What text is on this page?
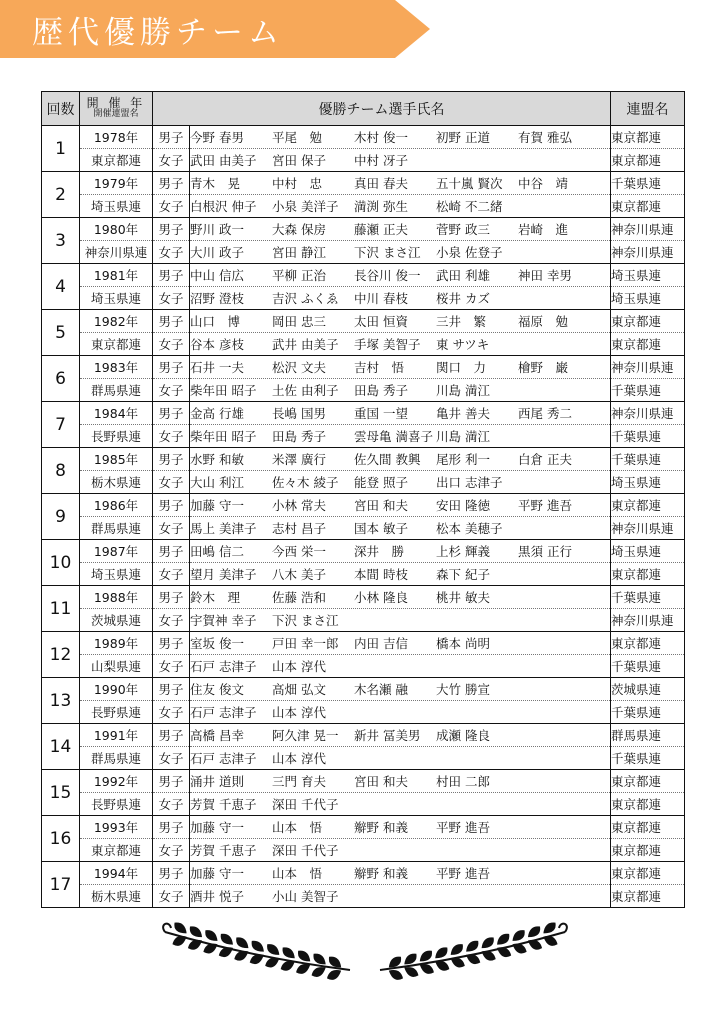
歴代優勝チーム
回数	開 催 年
開催連盟名	優勝チーム選手氏名		連盟名
1	1978年	男子	今野 春男 平尾　勉 木村 俊一 初野 正道 有賀 雅弘	東京都連
	東京都連	女子	武田 由美子 宮田 保子 中村 冴子	東京都連
2	1979年	男子	青木　晃 中村　忠 真田 春夫 五十嵐 賢次 中谷　靖	千葉県連
	埼玉県連	女子	白根沢 伸子 小泉 美洋子 満渕 弥生 松崎 不二緒	東京都連
3	1980年	男子	野川 政一 大森 保房 藤瀬 正夫 菅野 政三 岩崎　進	神奈川県連
	神奈川県連	女子	大川 政子 宮田 静江 下沢 まさ江 小泉 佐登子	神奈川県連
4	1981年	男子	中山 信広 平柳 正治 長谷川 俊一 武田 利雄 神田 幸男	埼玉県連
	埼玉県連	女子	沼野 澄枝 吉沢 ふくゑ 中川 春枝 桜井 カズ	埼玉県連
5	1982年	男子	山口　博 岡田 忠三 太田 恒資 三井　繁 福原　勉	東京都連
	東京都連	女子	谷本 彦枝 武井 由美子 手塚 美智子 東 サツキ	東京都連
6	1983年	男子	石井 一夫 松沢 文夫 吉村　悟 関口　力 檜野　巌	神奈川県連
	群馬県連	女子	柴年田 昭子 土佐 由利子 田島 秀子 川島 満江	千葉県連
7	1984年	男子	金高 行雄 長嶋 国男 重国 一望 亀井 善夫 西尾 秀二	神奈川県連
	長野県連	女子	柴年田 昭子 田島 秀子 雲母亀 満喜子 川島 満江	千葉県連
8	1985年	男子	水野 和敏 米澤 廣行 佐久間 教興 尾形 利一 白倉 正夫	千葉県連
	栃木県連	女子	大山 利江 佐々木 綾子 能登 照子 出口 志津子	埼玉県連
9	1986年	男子	加藤 守一 小林 常夫 宮田 和夫 安田 隆徳 平野 進吾	東京都連
	群馬県連	女子	馬上 美津子 志村 昌子 国本 敏子 松本 美穂子	神奈川県連
10	1987年	男子	田嶋 信二 今西 栄一 深井　勝 上杉 輝義 黒須 正行	埼玉県連
	埼玉県連	女子	望月 美津子 八木 美子 本間 時枝 森下 紀子	東京都連
11	1988年	男子	鈴木　理 佐藤 浩和 小林 隆良 桃井 敏夫	千葉県連
	茨城県連	女子	宇賀神 幸子 下沢 まさ江	神奈川県連
12	1989年	男子	室坂 俊一 戸田 幸一郎 内田 吉信 橋本 尚明	東京都連
	山梨県連	女子	石戸 志津子 山本 淳代	千葉県連
13	1990年	男子	住友 俊文 高畑 弘文 木名瀬 融 大竹 勝宣	茨城県連
	長野県連	女子	石戸 志津子 山本 淳代	千葉県連
14	1991年	男子	高橋 昌幸 阿久津 晃一 新井 冨美男 成瀬 隆良	群馬県連
	群馬県連	女子	石戸 志津子 山本 淳代	千葉県連
15	1992年	男子	涌井 道則 三門 育夫 宮田 和夫 村田 二郎	東京都連
	長野県連	女子	芳賀 千恵子 深田 千代子	東京都連
16	1993年	男子	加藤 守一 山本　悟 辮野 和義 平野 進吾	東京都連
	東京都連	女子	芳賀 千恵子 深田 千代子	東京都連
17	1994年	男子	加藤 守一 山本　悟 辮野 和義 平野 進吾	東京都連
	栃木県連	女子	酒井 悦子 小山 美智子	東京都連
